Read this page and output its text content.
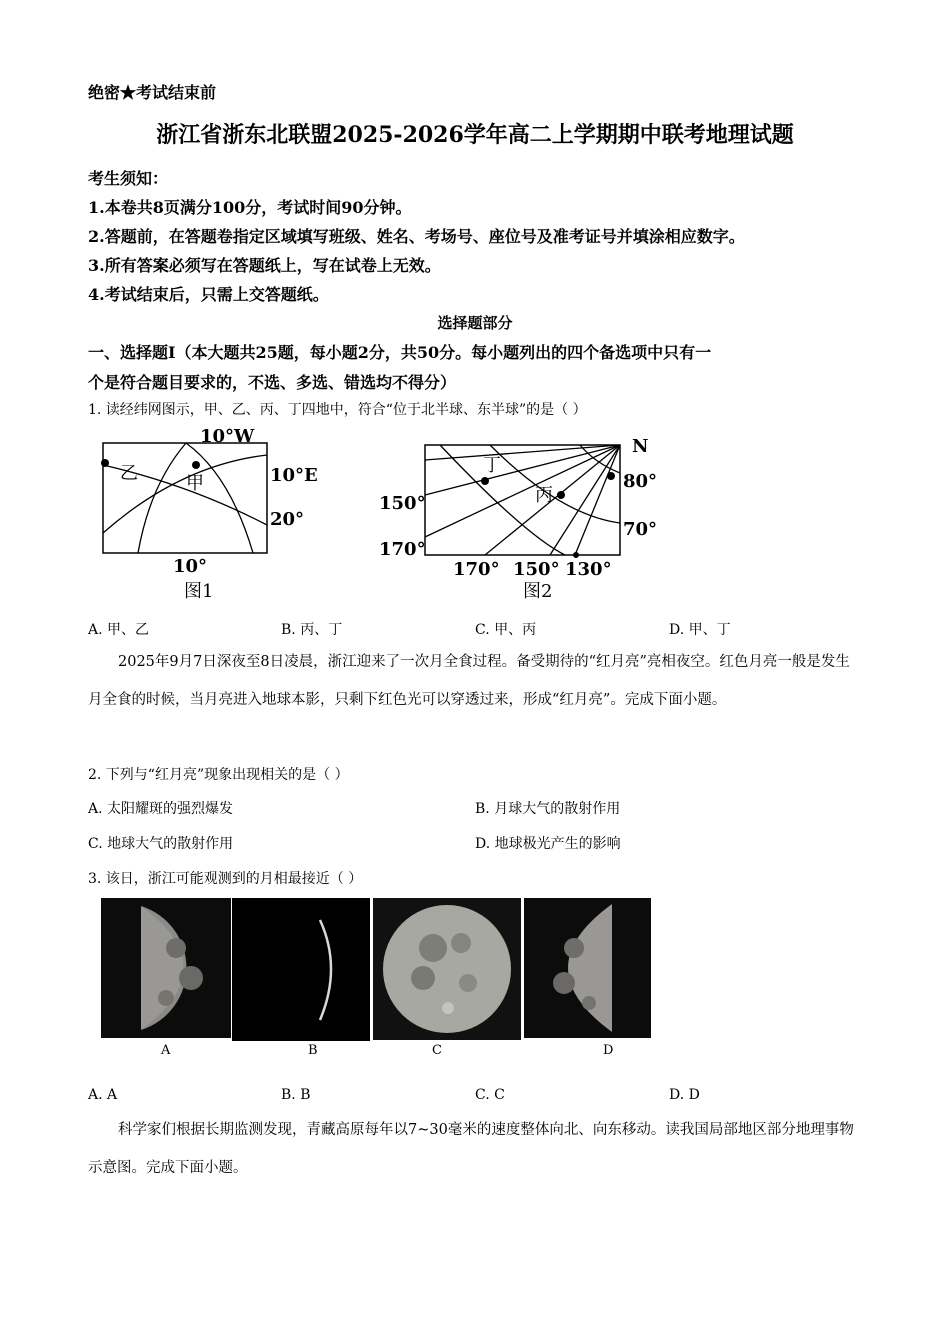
绝密★考试结束前
浙江省浙东北联盟2025-2026学年高二上学期期中联考地理试题
考生须知：
1.本卷共8页满分100分，考试时间90分钟。
2.答题前，在答题卷指定区域填写班级、姓名、考场号、座位号及准考证号并填涂相应数字。
3.所有答案必须写在答题纸上，写在试卷上无效。
4.考试结束后，只需上交答题纸。
选择题部分
一、选择题Ⅰ（本大题共25题，每小题2分，共50分。每小题列出的四个备选项中只有一
个是符合题目要求的，不选、多选、错选均不得分）
1. 读经纬网图示，甲、乙、丙、丁四地中，符合“位于北半球、东半球”的是（ ）
10°W
10°E
20°
10°
乙	甲
图1
N
80°
70°
150°
170°
170° 150° 130°
丁
丙
图2
A. 甲、乙	B. 丙、丁	C. 甲、丙	D. 甲、丁
2025年9月7日深夜至8日凌晨，浙江迎来了一次月全食过程。备受期待的“红月亮”亮相夜空。红色月亮一般是发生月全食的时候，当月亮进入地球本影，只剩下红色光可以穿透过来，形成“红月亮”。完成下面小题。
2. 下列与“红月亮”现象出现相关的是（ ）
A. 太阳耀斑的强烈爆发	B. 月球大气的散射作用
C. 地球大气的散射作用	D. 地球极光产生的影响
3. 该日，浙江可能观测到的月相最接近（ ）
A	B	C	D
A. A	B. B	C. C	D. D
科学家们根据长期监测发现，青藏高原每年以7~30毫米的速度整体向北、向东移动。读我国局部地区部分地理事物示意图。完成下面小题。
